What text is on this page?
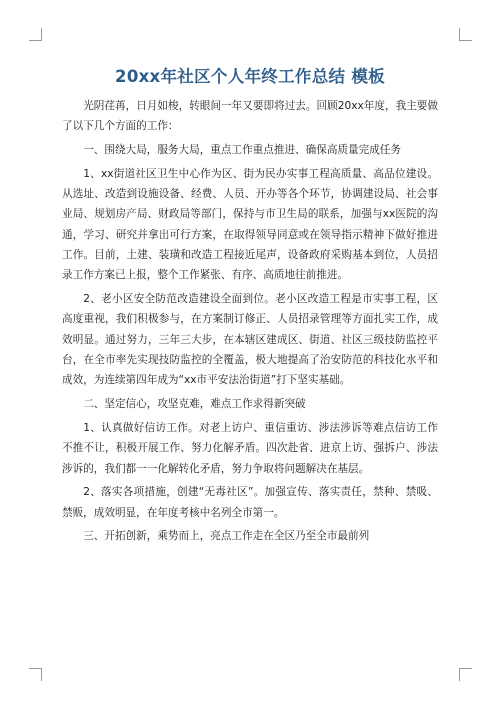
20xx年社区个人年终工作总结 模板

光阴荏苒，日月如梭，转眼间一年又要即将过去。回顾20xx年度，我主要做了以下几个方面的工作：

一、围绕大局，服务大局，重点工作重点推进、确保高质量完成任务

1、xx街道社区卫生中心作为区、街为民办实事工程高质量、高品位建设。从选址、改造到设施设备、经费、人员、开办等各个环节，协调建设局、社会事业局、规划房产局、财政局等部门，保持与市卫生局的联系，加强与xx医院的沟通，学习、研究并拿出可行方案，在取得领导同意或在领导指示精神下做好推进工作。目前，土建、装璜和改造工程接近尾声，设备政府采购基本到位，人员招录工作方案已上报，整个工作紧张、有序、高质地往前推进。

2、老小区安全防范改造建设全面到位。老小区改造工程是市实事工程，区高度重视，我们积极参与，在方案制订修正、人员招录管理等方面扎实工作，成效明显。通过努力，三年三大步，在本辖区建成区、街道、社区三级技防监控平台，在全市率先实现技防监控的全覆盖，极大地提高了治安防范的科技化水平和成效，为连续第四年成为“xx市平安法治街道”打下坚实基础。

二、坚定信心，攻坚克难，难点工作求得新突破

1、认真做好信访工作。对老上访户、重信重访、涉法涉诉等难点信访工作不推不让，积极开展工作、努力化解矛盾。四次赴省、进京上访、强拆户、涉法涉诉的，我们都一一化解转化矛盾，努力争取将问题解决在基层。

2、落实各项措施，创建“无毒社区”。加强宣传、落实责任，禁种、禁吸、禁贩，成效明显，在年度考核中名列全市第一。

三、开拓创新，乘势而上，亮点工作走在全区乃至全市最前列
